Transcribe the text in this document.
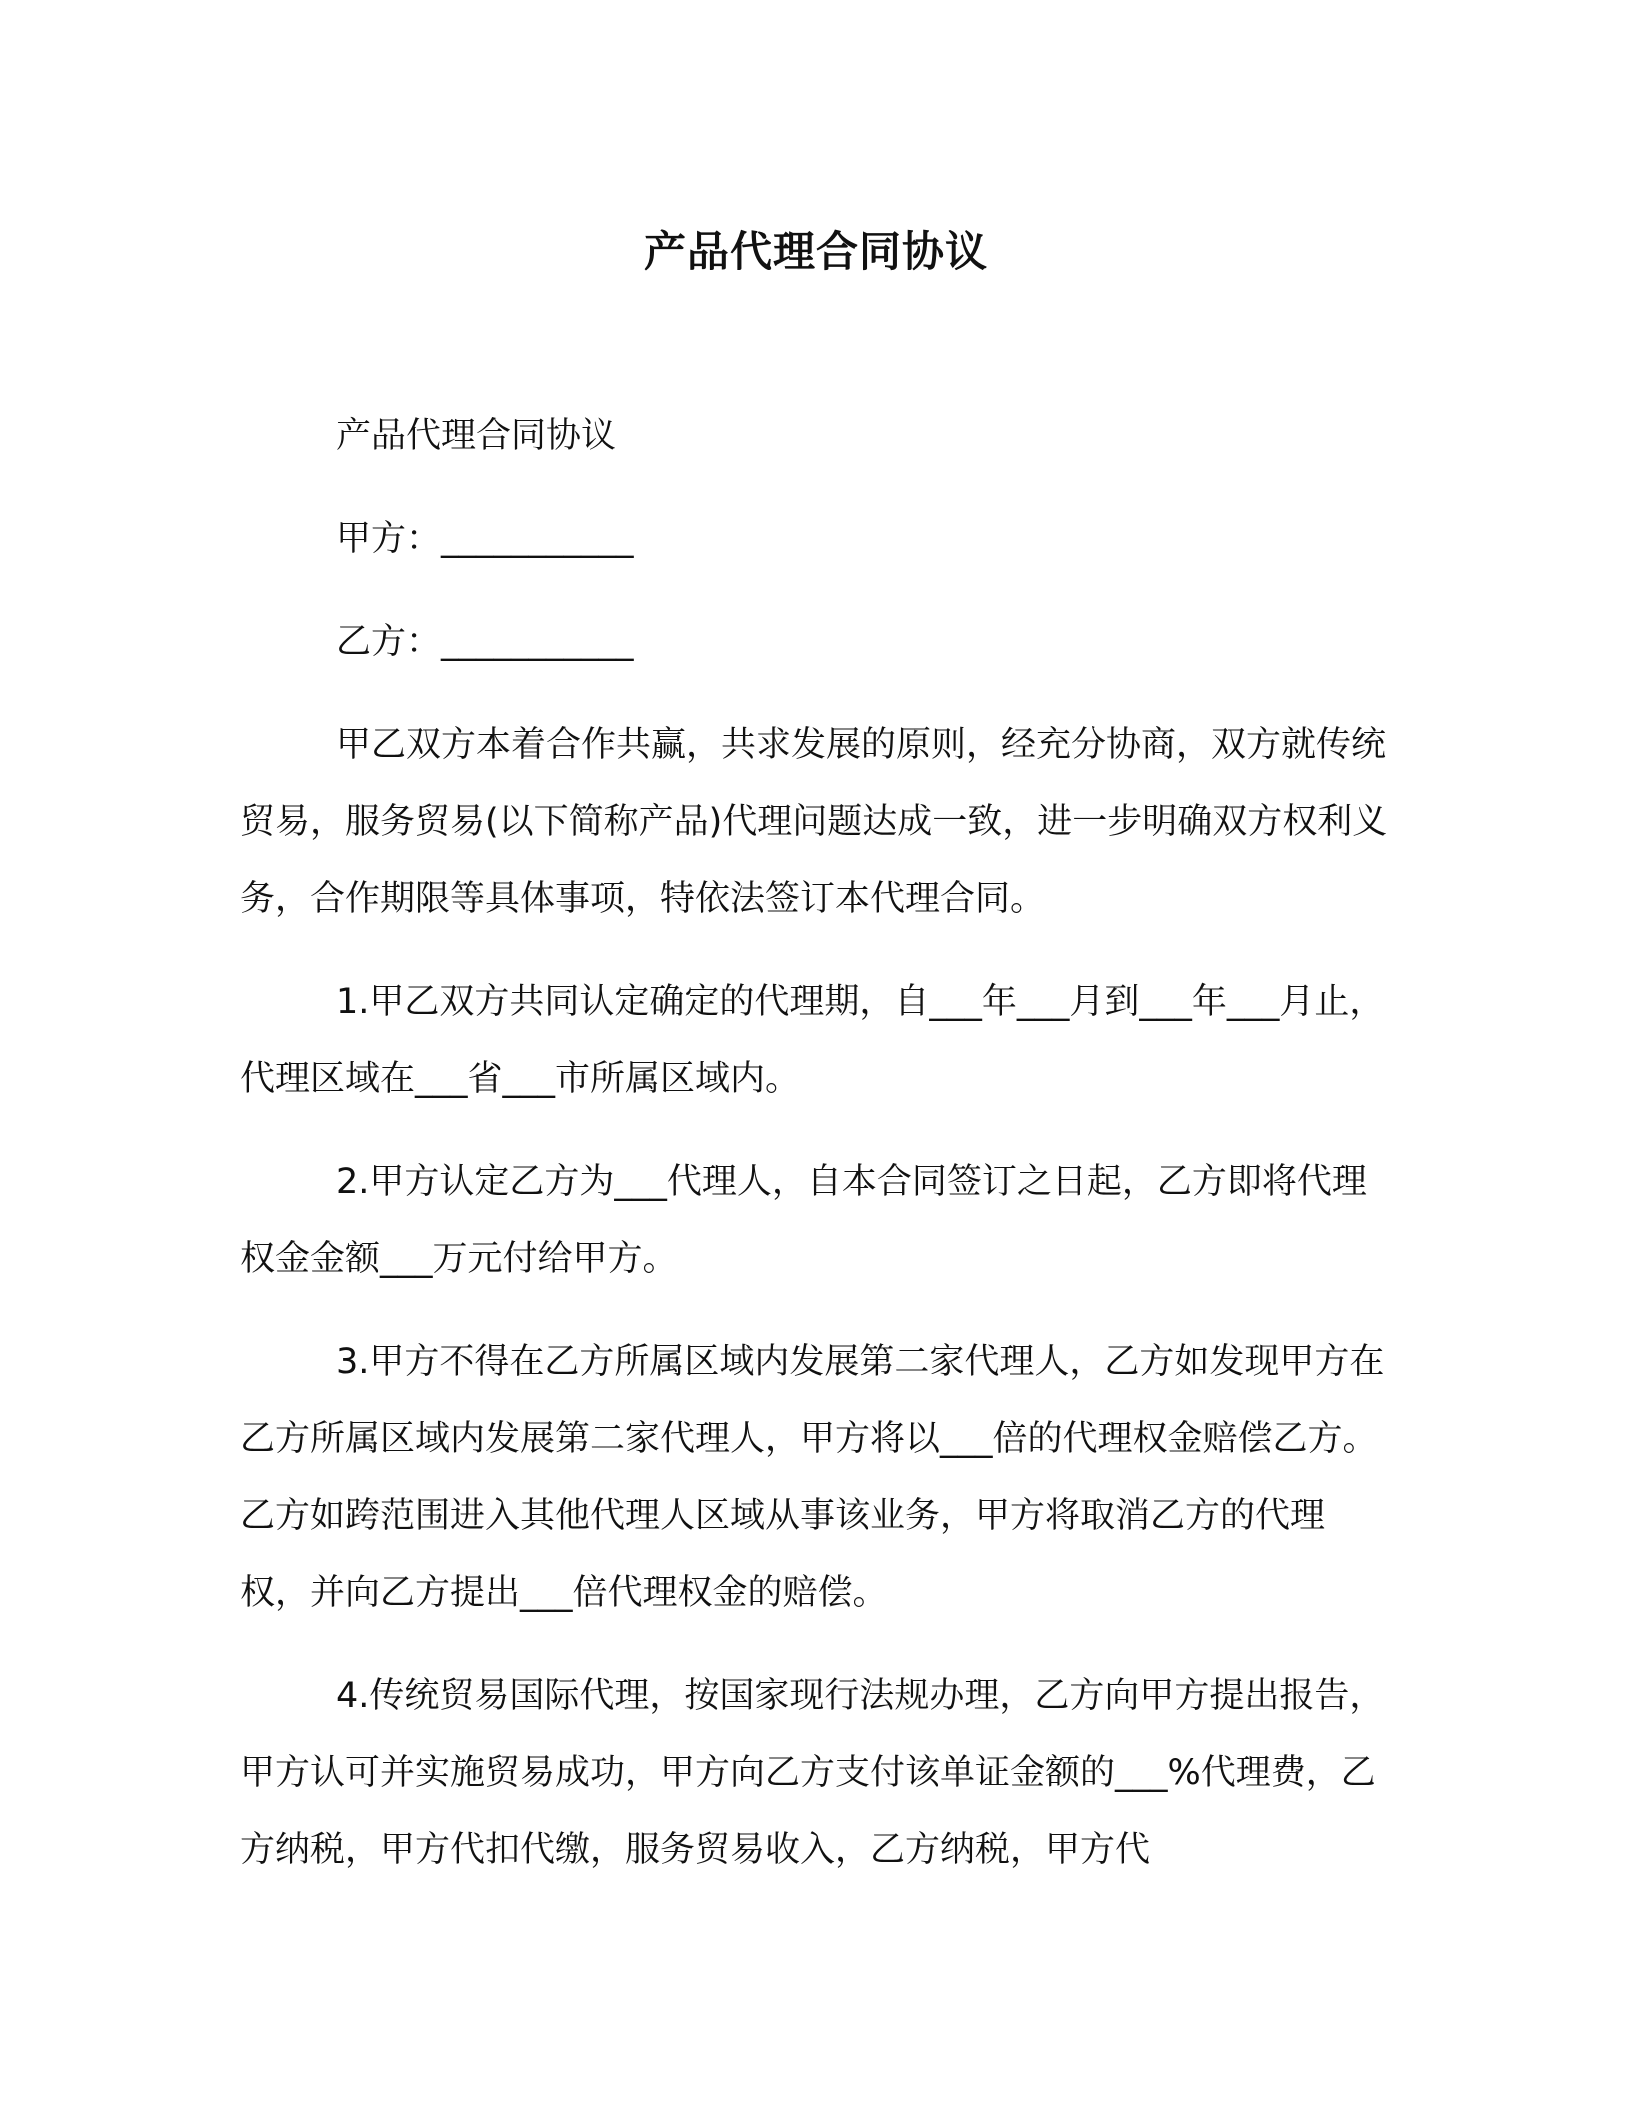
产品代理合同协议

产品代理合同协议

甲方：___________

乙方：___________

甲乙双方本着合作共赢，共求发展的原则，经充分协商，双方就传统贸易，服务贸易(以下简称产品)代理问题达成一致，进一步明确双方权利义务，合作期限等具体事项，特依法签订本代理合同。

1.甲乙双方共同认定确定的代理期，自___年___月到___年___月止，代理区域在___省___市所属区域内。

2.甲方认定乙方为___代理人，自本合同签订之日起，乙方即将代理权金金额___万元付给甲方。

3.甲方不得在乙方所属区域内发展第二家代理人，乙方如发现甲方在乙方所属区域内发展第二家代理人，甲方将以___倍的代理权金赔偿乙方。乙方如跨范围进入其他代理人区域从事该业务，甲方将取消乙方的代理权，并向乙方提出___倍代理权金的赔偿。

4.传统贸易国际代理，按国家现行法规办理，乙方向甲方提出报告，甲方认可并实施贸易成功，甲方向乙方支付该单证金额的___%代理费，乙方纳税，甲方代扣代缴，服务贸易收入，乙方纳税，甲方代
